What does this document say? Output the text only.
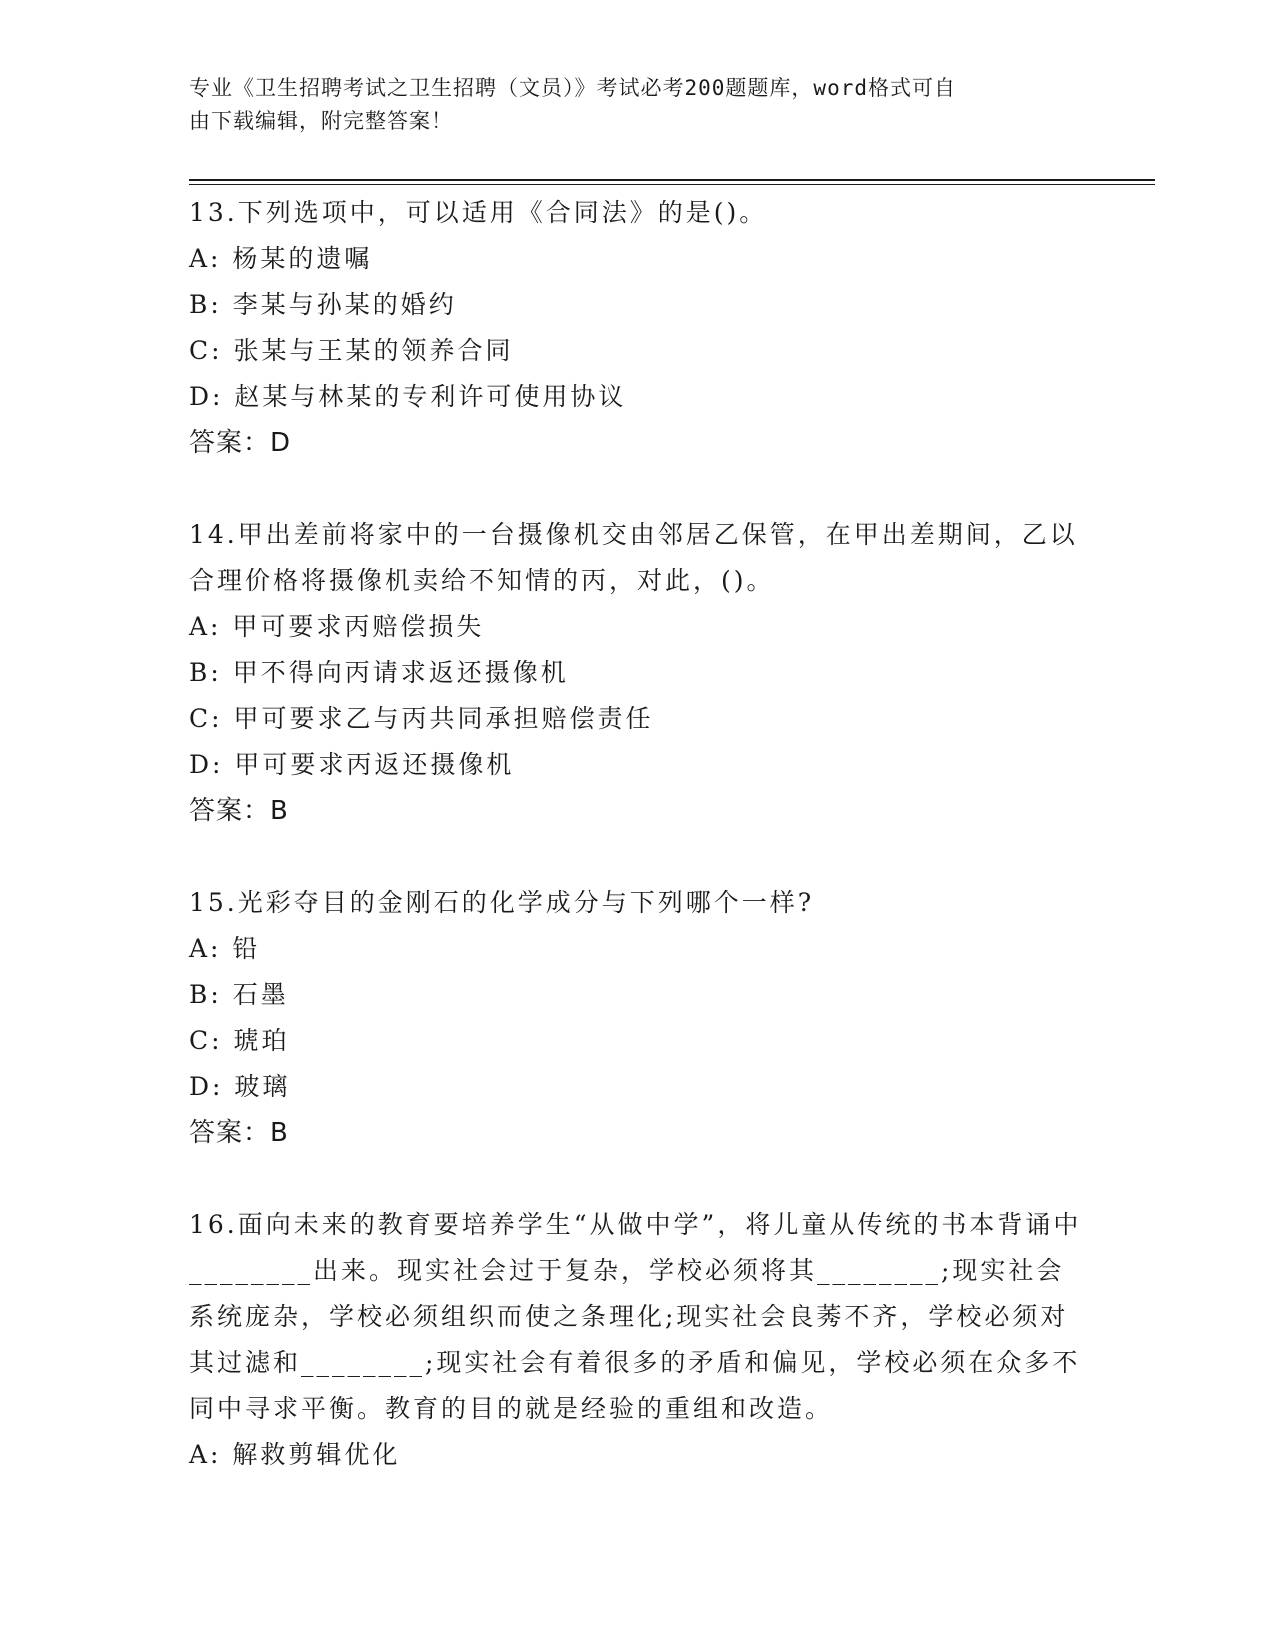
专业《卫生招聘考试之卫生招聘（文员）》考试必考200题题库，word格式可自
由下载编辑，附完整答案！

13.下列选项中，可以适用《合同法》的是()。

A: 杨某的遗嘱

B: 李某与孙某的婚约

C: 张某与王某的领养合同

D: 赵某与林某的专利许可使用协议

答案：D

14.甲出差前将家中的一台摄像机交由邻居乙保管，在甲出差期间，乙以合理价格将摄像机卖给不知情的丙，对此，()。

A: 甲可要求丙赔偿损失

B: 甲不得向丙请求返还摄像机

C: 甲可要求乙与丙共同承担赔偿责任

D: 甲可要求丙返还摄像机

答案：B

15.光彩夺目的金刚石的化学成分与下列哪个一样?

A: 铅

B: 石墨

C: 琥珀

D: 玻璃

答案：B

16.面向未来的教育要培养学生“从做中学”，将儿童从传统的书本背诵中________出来。现实社会过于复杂，学校必须将其________;现实社会系统庞杂，学校必须组织而使之条理化;现实社会良莠不齐，学校必须对其过滤和________;现实社会有着很多的矛盾和偏见，学校必须在众多不同中寻求平衡。教育的目的就是经验的重组和改造。

A: 解救剪辑优化
